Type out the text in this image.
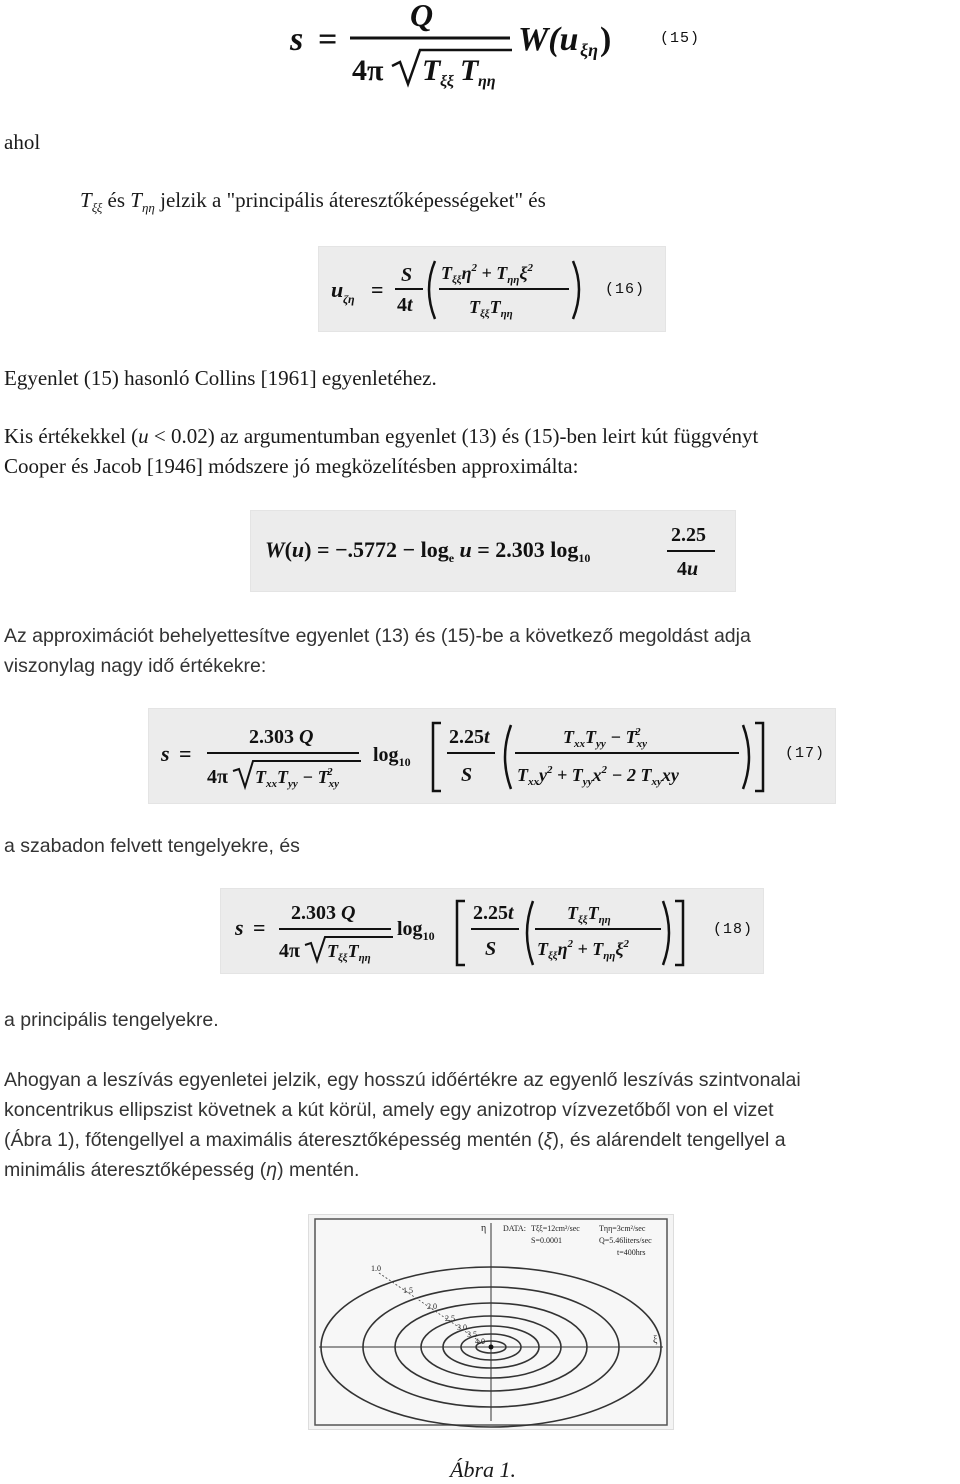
s =
Q
4π T ξξ T ηη
W(u ξη )	(15)
ahol
$T_{\xi\xi}$ és $T_{\eta\eta}$ jelzik a "principális áteresztőképességeket" és
u ζη =
S
4t
$T_{\xi\xi}\eta^2 + T_{\eta\eta}\xi^2$
$T_{\xi\xi}T_{\eta\eta}$
(16)
Egyenlet (15) hasonló Collins [1961] egyenletéhez.
Kis értékekkel (u < 0.02) az argumentumban egyenlet (13) és (15)-ben leirt kút függvényt
Cooper és Jacob [1946] módszere jó megközelítésben approximálta:
$W(u) = -.5772 - \log_e u = 2.303$ $\log_{10}$
2.25
4u
Az approximációt behelyettesítve egyenlet (13) és (15)-be a következő megoldást adja
viszonylag nagy idő értékekre:
s =
2.303 Q
4π $T_{xx}T_{yy} - T_{xy}2$
$\log_{10}$
2.25t
S
$T_{xx}T_{yy} - T_{xy}2$
$T_{xx}y^2 + T_{yy}x^2 - 2$ $T_{xy}xy$
(17)
a szabadon felvett tengelyekre, és
s =
2.303 Q
4π $T_{\xi\xi}T_{\eta\eta}$
$\log_{10}$
2.25t
S
$T_{\xi\xi}T_{\eta\eta}$
$T_{\xi\xi}\eta^2 + T_{\eta\eta}\xi^2$
(18)
a principális tengelyekre.
Ahogyan a leszívás egyenletei jelzik, egy hosszú időértékre az egyenlő leszívás szintvonalai
koncentrikus ellipszist követnek a kút körül, amely egy anizotrop vízvezetőből von el vizet
(Ábra 1), főtengellyel a maximális áteresztőképesség mentén (ξ), és alárendelt tengellyel a
minimális áteresztőképesség (η) mentén.
η
ξ
DATA: Tξξ=12cm²/sec Tηη=3cm²/sec
S=0.0001	Q=5.46liters/sec
t=400hrs
1.0
1.5
2.0
2.5
3.0
3.5
4.0
Ábra 1.
